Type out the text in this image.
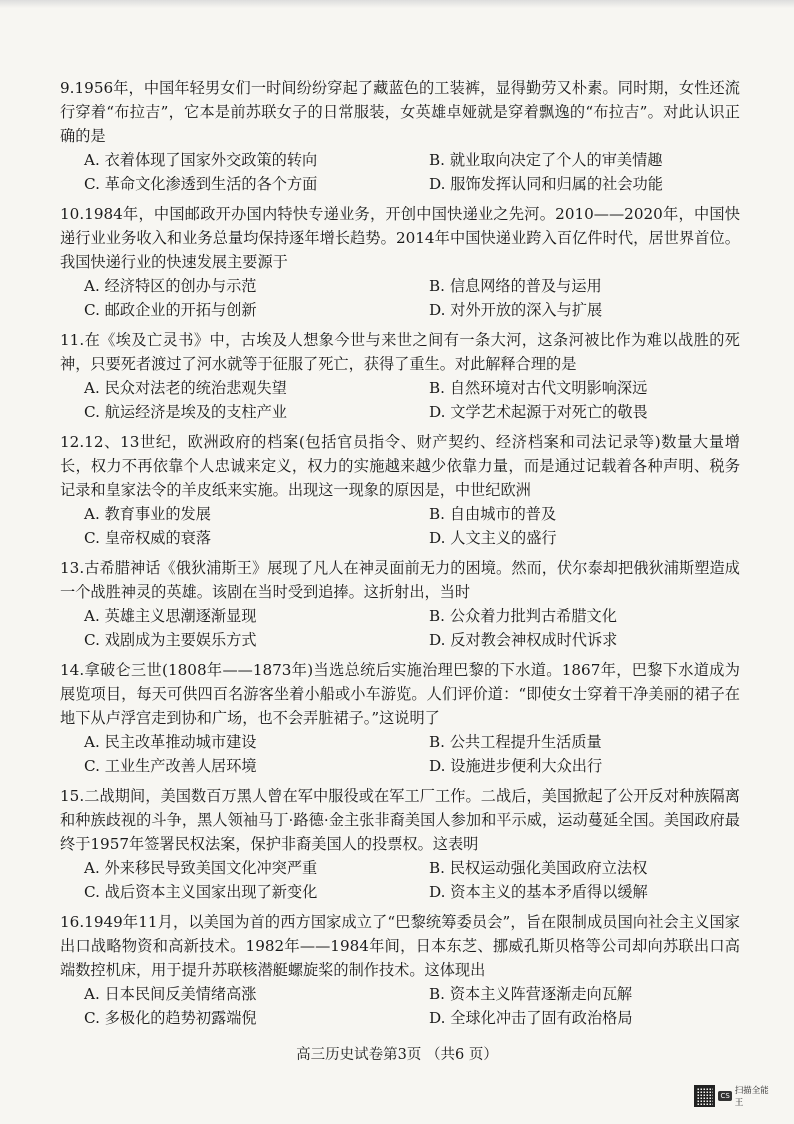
9.1956年，中国年轻男女们一时间纷纷穿起了藏蓝色的工装裤，显得勤劳又朴素。同时期，女性还流行穿着“布拉吉”，它本是前苏联女子的日常服装，女英雄卓娅就是穿着飘逸的“布拉吉”。对此认识正确的是
A. 衣着体现了国家外交政策的转向	B. 就业取向决定了个人的审美情趣
C. 革命文化渗透到生活的各个方面	D. 服饰发挥认同和归属的社会功能
10.1984年，中国邮政开办国内特快专递业务，开创中国快递业之先河。2010——2020年，中国快递行业业务收入和业务总量均保持逐年增长趋势。2014年中国快递业跨入百亿件时代，居世界首位。我国快递行业的快速发展主要源于
A. 经济特区的创办与示范	B. 信息网络的普及与运用
C. 邮政企业的开拓与创新	D. 对外开放的深入与扩展
11.在《埃及亡灵书》中，古埃及人想象今世与来世之间有一条大河，这条河被比作为难以战胜的死神，只要死者渡过了河水就等于征服了死亡，获得了重生。对此解释合理的是
A. 民众对法老的统治悲观失望	B. 自然环境对古代文明影响深远
C. 航运经济是埃及的支柱产业	D. 文学艺术起源于对死亡的敬畏
12.12、13世纪，欧洲政府的档案(包括官员指令、财产契约、经济档案和司法记录等)数量大量增长，权力不再依靠个人忠诚来定义，权力的实施越来越少依靠力量，而是通过记载着各种声明、税务记录和皇家法令的羊皮纸来实施。出现这一现象的原因是，中世纪欧洲
A. 教育事业的发展	B. 自由城市的普及
C. 皇帝权威的衰落	D. 人文主义的盛行
13.古希腊神话《俄狄浦斯王》展现了凡人在神灵面前无力的困境。然而，伏尔泰却把俄狄浦斯塑造成一个战胜神灵的英雄。该剧在当时受到追捧。这折射出，当时
A. 英雄主义思潮逐渐显现	B. 公众着力批判古希腊文化
C. 戏剧成为主要娱乐方式	D. 反对教会神权成时代诉求
14.拿破仑三世(1808年——1873年)当选总统后实施治理巴黎的下水道。1867年，巴黎下水道成为展览项目，每天可供四百名游客坐着小船或小车游览。人们评价道：“即使女士穿着干净美丽的裙子在地下从卢浮宫走到协和广场，也不会弄脏裙子。”这说明了
A. 民主改革推动城市建设	B. 公共工程提升生活质量
C. 工业生产改善人居环境	D. 设施进步便利大众出行
15.二战期间，美国数百万黑人曾在军中服役或在军工厂工作。二战后，美国掀起了公开反对种族隔离和种族歧视的斗争，黑人领袖马丁·路德·金主张非裔美国人参加和平示威，运动蔓延全国。美国政府最终于1957年签署民权法案，保护非裔美国人的投票权。这表明
A. 外来移民导致美国文化冲突严重	B. 民权运动强化美国政府立法权
C. 战后资本主义国家出现了新变化	D. 资本主义的基本矛盾得以缓解
16.1949年11月，以美国为首的西方国家成立了“巴黎统筹委员会”，旨在限制成员国向社会主义国家出口战略物资和高新技术。1982年——1984年间，日本东芝、挪威孔斯贝格等公司却向苏联出口高端数控机床，用于提升苏联核潜艇螺旋桨的制作技术。这体现出
A. 日本民间反美情绪高涨	B. 资本主义阵营逐渐走向瓦解
C. 多极化的趋势初露端倪	D. 全球化冲击了固有政治格局
高三历史试卷第3页 （共6 页）
CS 扫描全能王
